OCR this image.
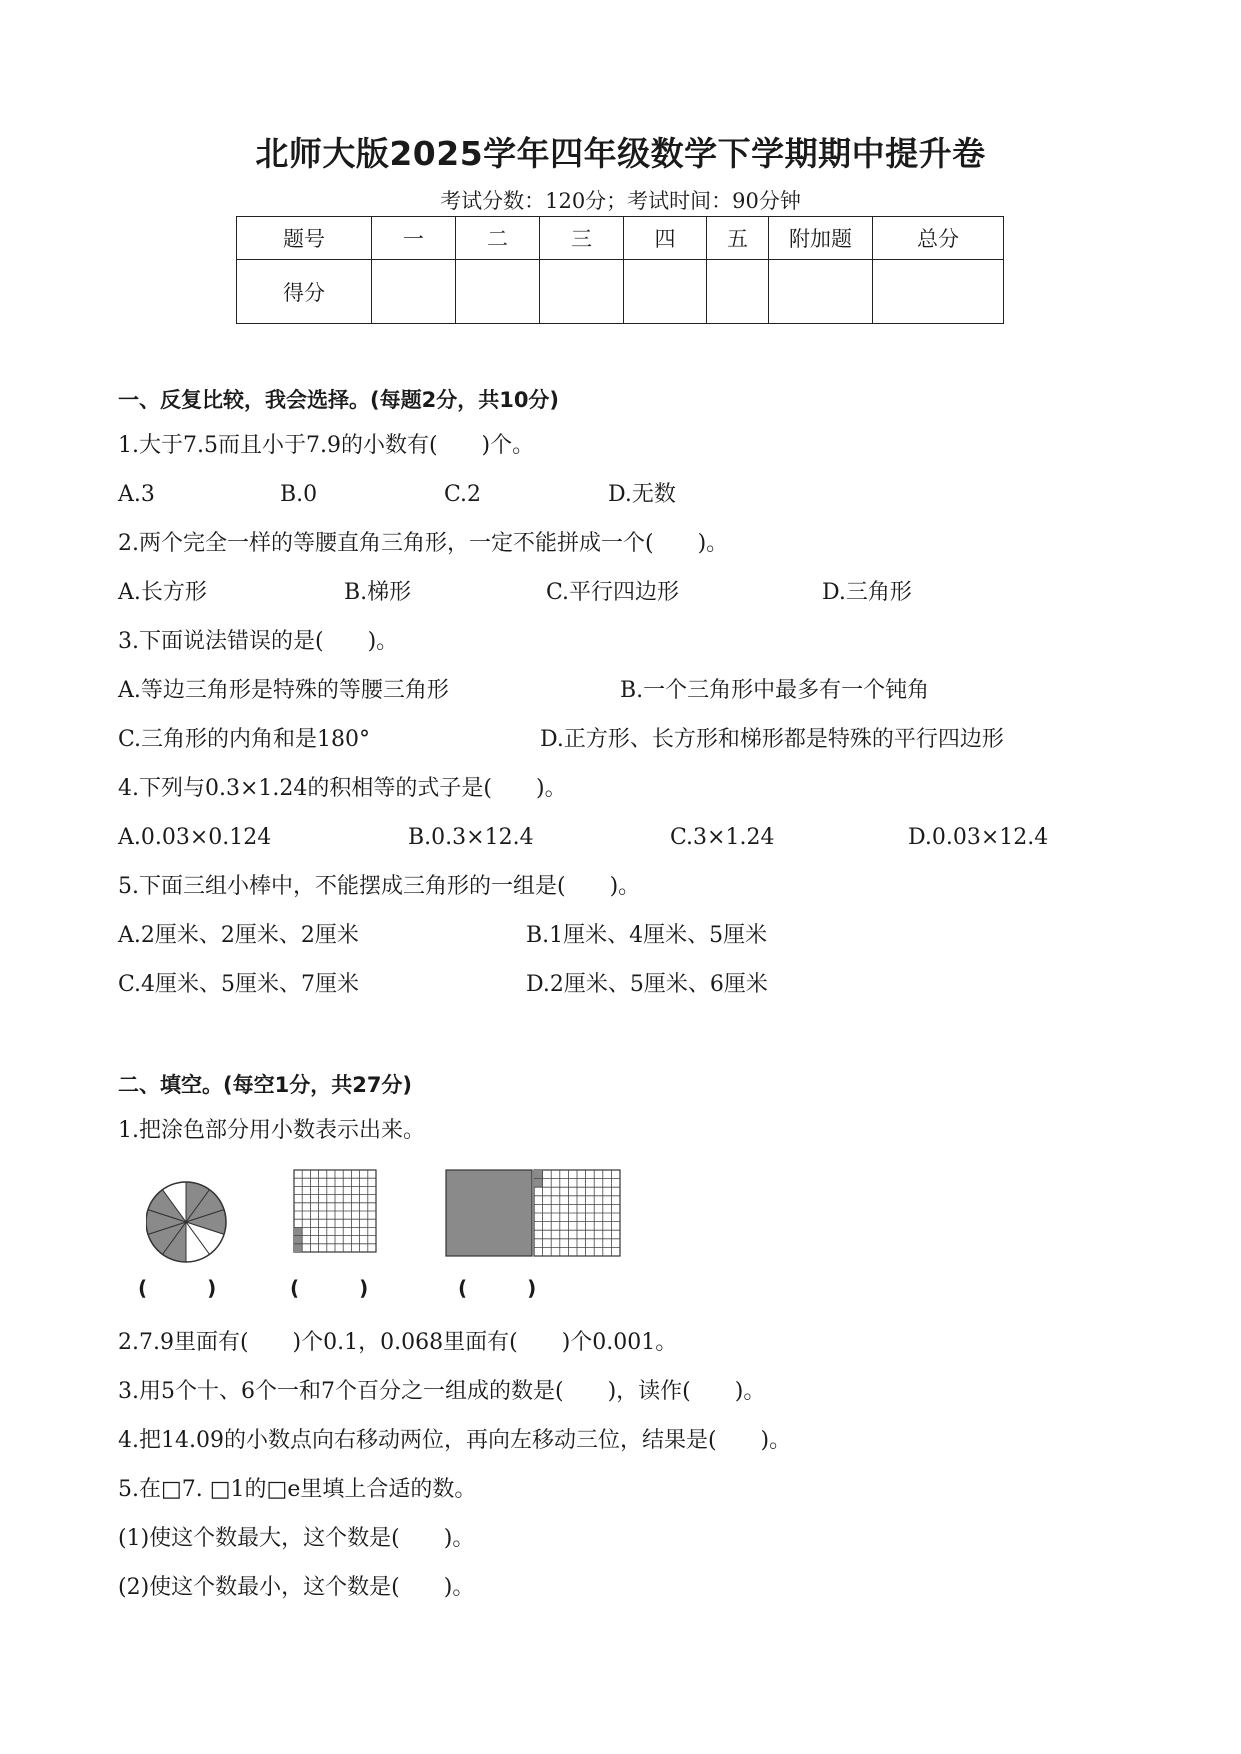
北师大版2025学年四年级数学下学期期中提升卷
考试分数：120分；考试时间：90分钟
题号	一	二	三	四	五	附加题	总分
得分							
一、反复比较，我会选择。(每题2分，共10分)
1.大于7.5而且小于7.9的小数有(　　)个。
A.3	B.0	C.2	D.无数
2.两个完全一样的等腰直角三角形，一定不能拼成一个(　　)。
A.长方形	B.梯形	C.平行四边形	D.三角形
3.下面说法错误的是(　　)。
A.等边三角形是特殊的等腰三角形	B.一个三角形中最多有一个钝角
C.三角形的内角和是180°	D.正方形、长方形和梯形都是特殊的平行四边形
4.下列与0.3×1.24的积相等的式子是(　　)。
A.0.03×0.124	B.0.3×12.4	C.3×1.24	D.0.03×12.4
5.下面三组小棒中，不能摆成三角形的一组是(　　)。
A.2厘米、2厘米、2厘米	B.1厘米、4厘米、5厘米
C.4厘米、5厘米、7厘米	D.2厘米、5厘米、6厘米
二、填空。(每空1分，共27分)
1.把涂色部分用小数表示出来。
(　　　)	(　　　)	(　　　)
2.7.9里面有(　　)个0.1，0.068里面有(　　)个0.001。
3.用5个十、6个一和7个百分之一组成的数是(　　)，读作(　　)。
4.把14.09的小数点向右移动两位，再向左移动三位，结果是(　　)。
5.在□7. □1的□e里填上合适的数。
(1)使这个数最大，这个数是(　　)。
(2)使这个数最小，这个数是(　　)。
